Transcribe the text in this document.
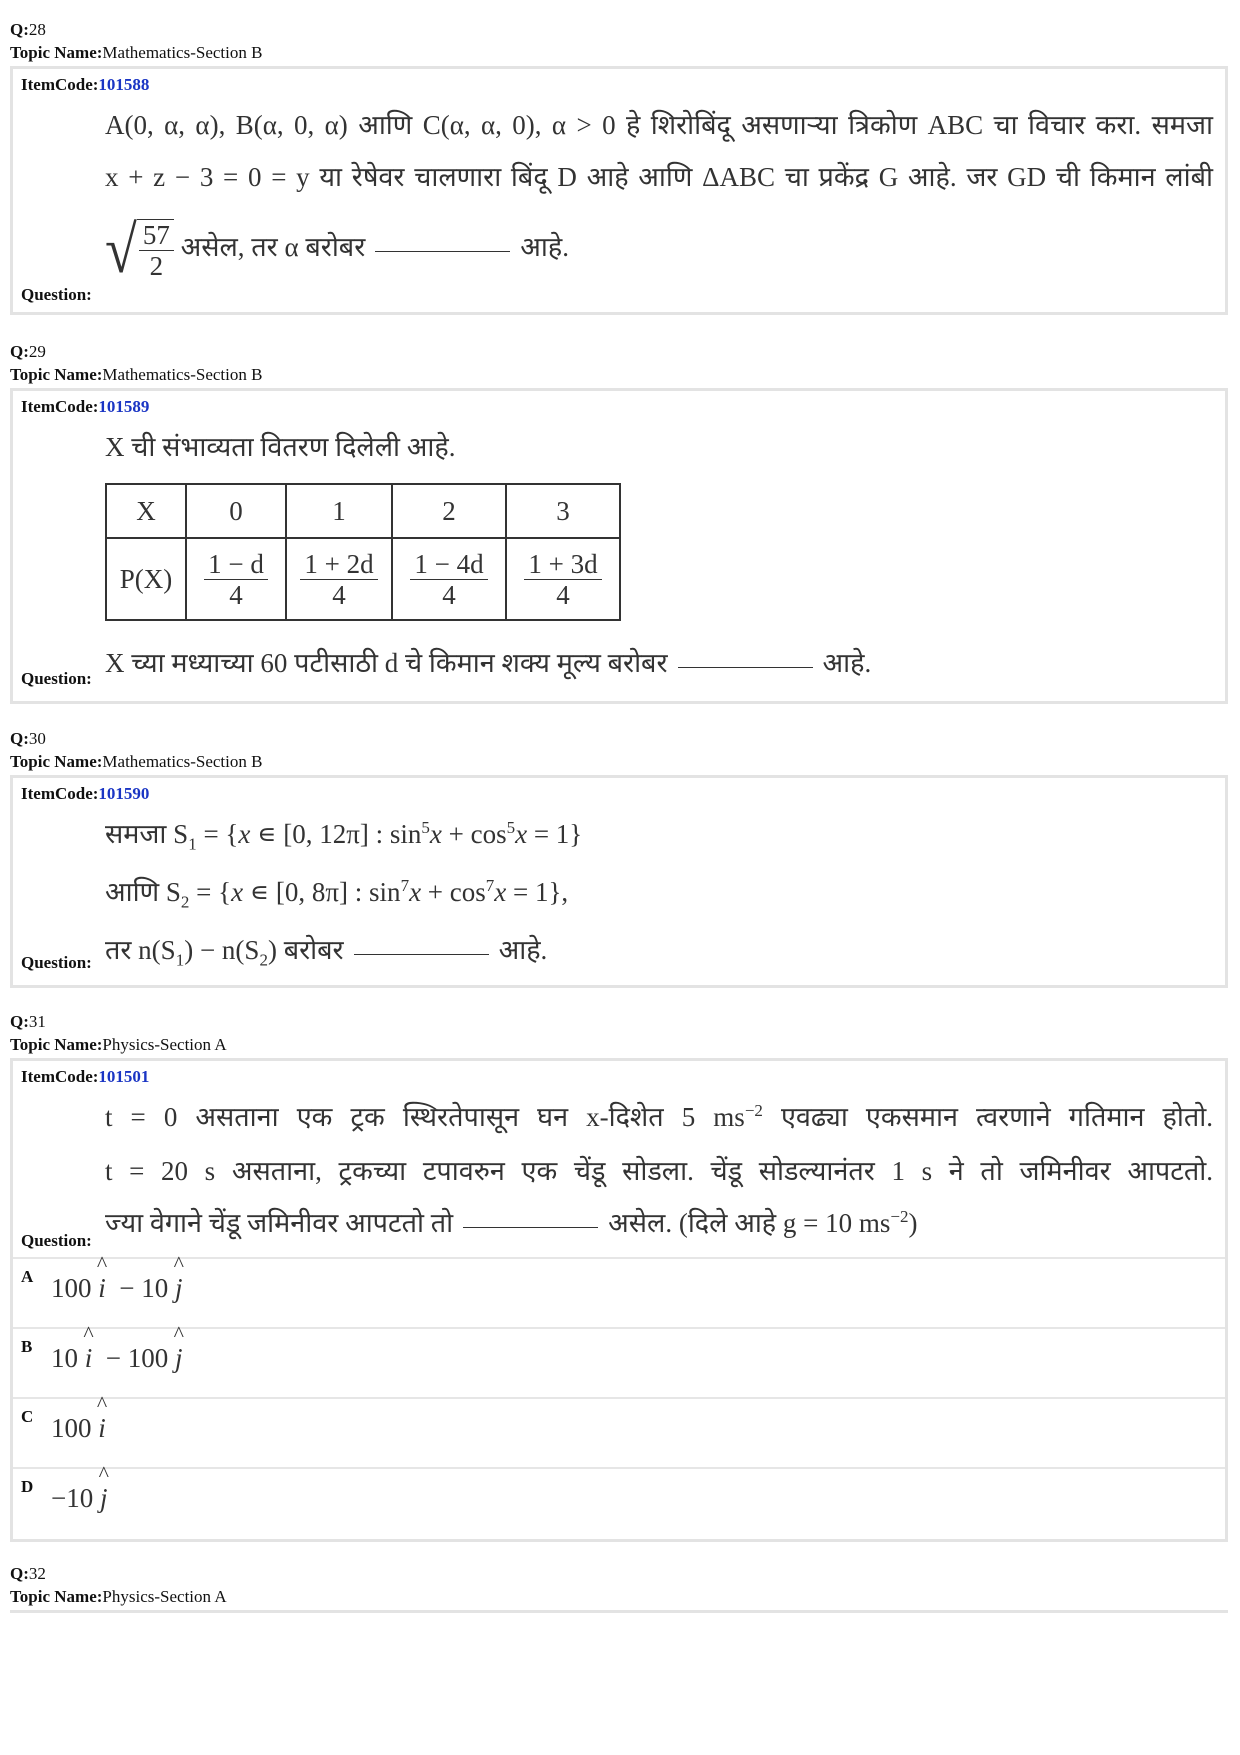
Q:28
Topic Name:Mathematics-Section B
ItemCode:101588
A(0, α, α), B(α, 0, α) आणि C(α, α, 0), α > 0 हे शिरोबिंदू असणाऱ्या त्रिकोण ABC चा विचार करा. समजा
x + z − 3 = 0 = y या रेषेवर चालणारा बिंदू D आहे आणि ΔABC चा प्रकेंद्र G आहे. जर GD ची किमान लांबी
√ $\frac{57}{2}$ असेल, तर α बरोबर	आहे.
Question:
Q:29
Topic Name:Mathematics-Section B
ItemCode:101589
X ची संभाव्यता वितरण दिलेली आहे.
X	0	1	2	3
P(X)	$\frac{1 - d}{4}$	$\frac{1 + 2d}{4}$	$\frac{1 - 4d}{4}$	$\frac{1 + 3d}{4}$
X च्या मध्याच्या 60 पटीसाठी d चे किमान शक्य मूल्य बरोबर	आहे.
Question:
Q:30
Topic Name:Mathematics-Section B
ItemCode:101590
समजा $S_1 = \{x$ ∊ [0, 12π] : $\sin^5x + \cos^5x = 1$}
आणि $S_2 = \{x$ ∊ [0, 8π] : $\sin^7x + \cos^7x = 1$},
तर $n(S_1) - n(S_2)$ बरोबर	आहे.
Question:
Q:31
Topic Name:Physics-Section A
ItemCode:101501
t = 0 असताना एक ट्रक स्थिरतेपासून घन x-दिशेत 5 $ms^{-2}$ एवढ्या एकसमान त्वरणाने गतिमान होतो.
t = 20 s असताना, ट्रकच्या टपावरुन एक चेंडू सोडला. चेंडू सोडल्यानंतर 1 s ने तो जमिनीवर आपटतो.
ज्या वेगाने चेंडू जमिनीवर आपटतो तो	असेल. (दिले आहे g = 10 $ms^{-2}$)
Question:
A 100 ^ i  − 10 ^ j
B 10 ^ i  − 100 ^ j
C 100 ^ i
D −10 ^ j
Q:32
Topic Name:Physics-Section A
